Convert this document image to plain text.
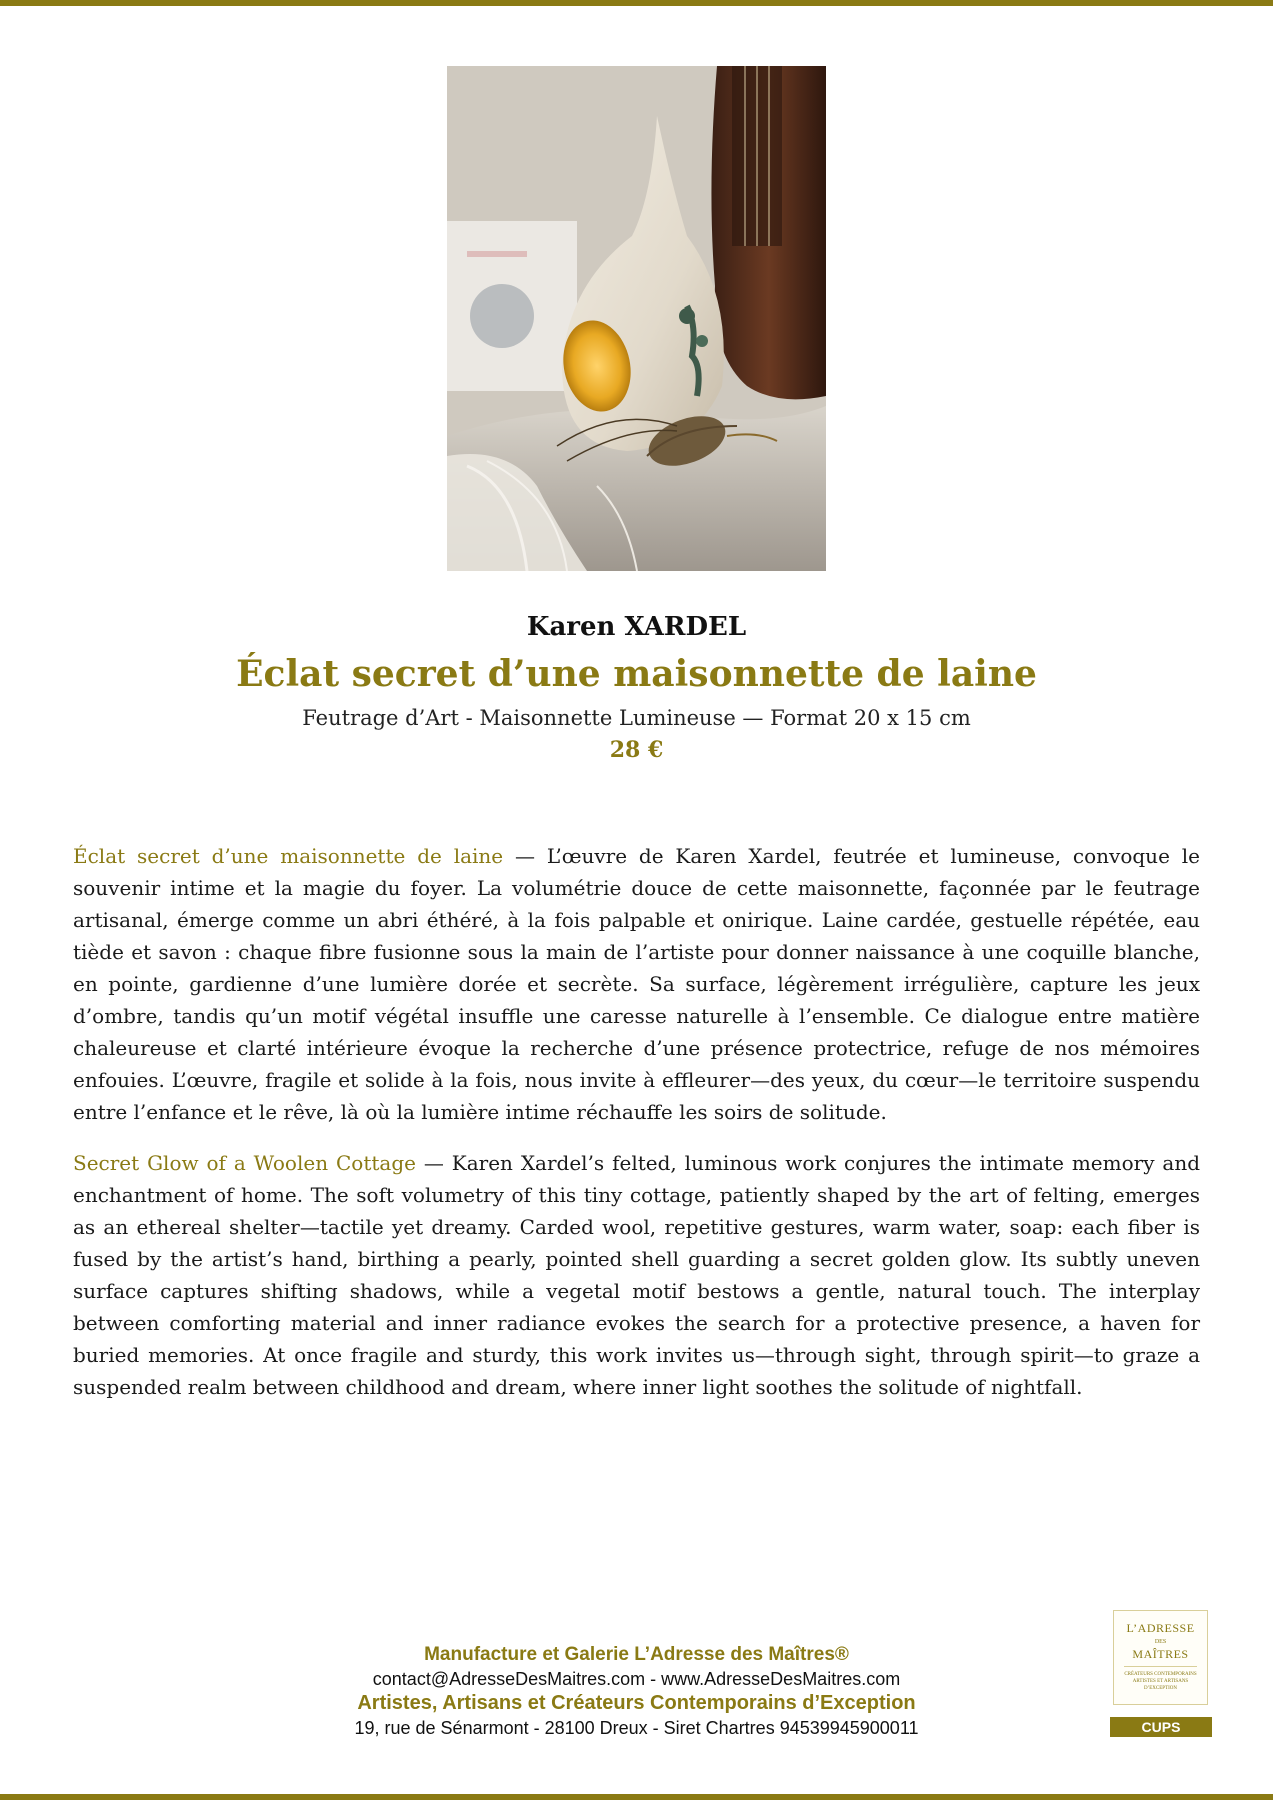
Karen XARDEL
Éclat secret d’une maisonnette de laine
Feutrage d’Art - Maisonnette Lumineuse — Format 20 x 15 cm
28 €

Éclat secret d’une maisonnette de laine — L’œuvre de Karen Xardel, feutrée et lumineuse, convoque le souvenir intime et la magie du foyer. La volumétrie douce de cette maisonnette, façonnée par le feutrage artisanal, émerge comme un abri éthéré, à la fois palpable et onirique. Laine cardée, gestuelle répétée, eau tiède et savon : chaque fibre fusionne sous la main de l’artiste pour donner naissance à une coquille blanche, en pointe, gardienne d’une lumière dorée et secrète. Sa surface, légèrement irrégulière, capture les jeux d’ombre, tandis qu’un motif végétal insuffle une caresse naturelle à l’ensemble. Ce dialogue entre matière chaleureuse et clarté intérieure évoque la recherche d’une présence protectrice, refuge de nos mémoires enfouies. L’œuvre, fragile et solide à la fois, nous invite à effleurer—des yeux, du cœur—le territoire suspendu entre l’enfance et le rêve, là où la lumière intime réchauffe les soirs de solitude.

Secret Glow of a Woolen Cottage — Karen Xardel’s felted, luminous work conjures the intimate memory and enchantment of home. The soft volumetry of this tiny cottage, patiently shaped by the art of felting, emerges as an ethereal shelter—tactile yet dreamy. Carded wool, repetitive gestures, warm water, soap: each fiber is fused by the artist’s hand, birthing a pearly, pointed shell guarding a secret golden glow. Its subtly uneven surface captures shifting shadows, while a vegetal motif bestows a gentle, natural touch. The interplay between comforting material and inner radiance evokes the search for a protective presence, a haven for buried memories. At once fragile and sturdy, this work invites us—through sight, through spirit—to graze a suspended realm between childhood and dream, where inner light soothes the solitude of nightfall.

Manufacture et Galerie L’Adresse des Maîtres®
contact@AdresseDesMaitres.com - www.AdresseDesMaitres.com
Artistes, Artisans et Créateurs Contemporains d’Exception
19, rue de Sénarmont - 28100 Dreux - Siret Chartres 94539945900011
L’ADRESSE
DES
MAÎTRES
CRÉATEURS CONTEMPORAINS ARTISTES ET ARTISANS D’EXCEPTION
CUPS
